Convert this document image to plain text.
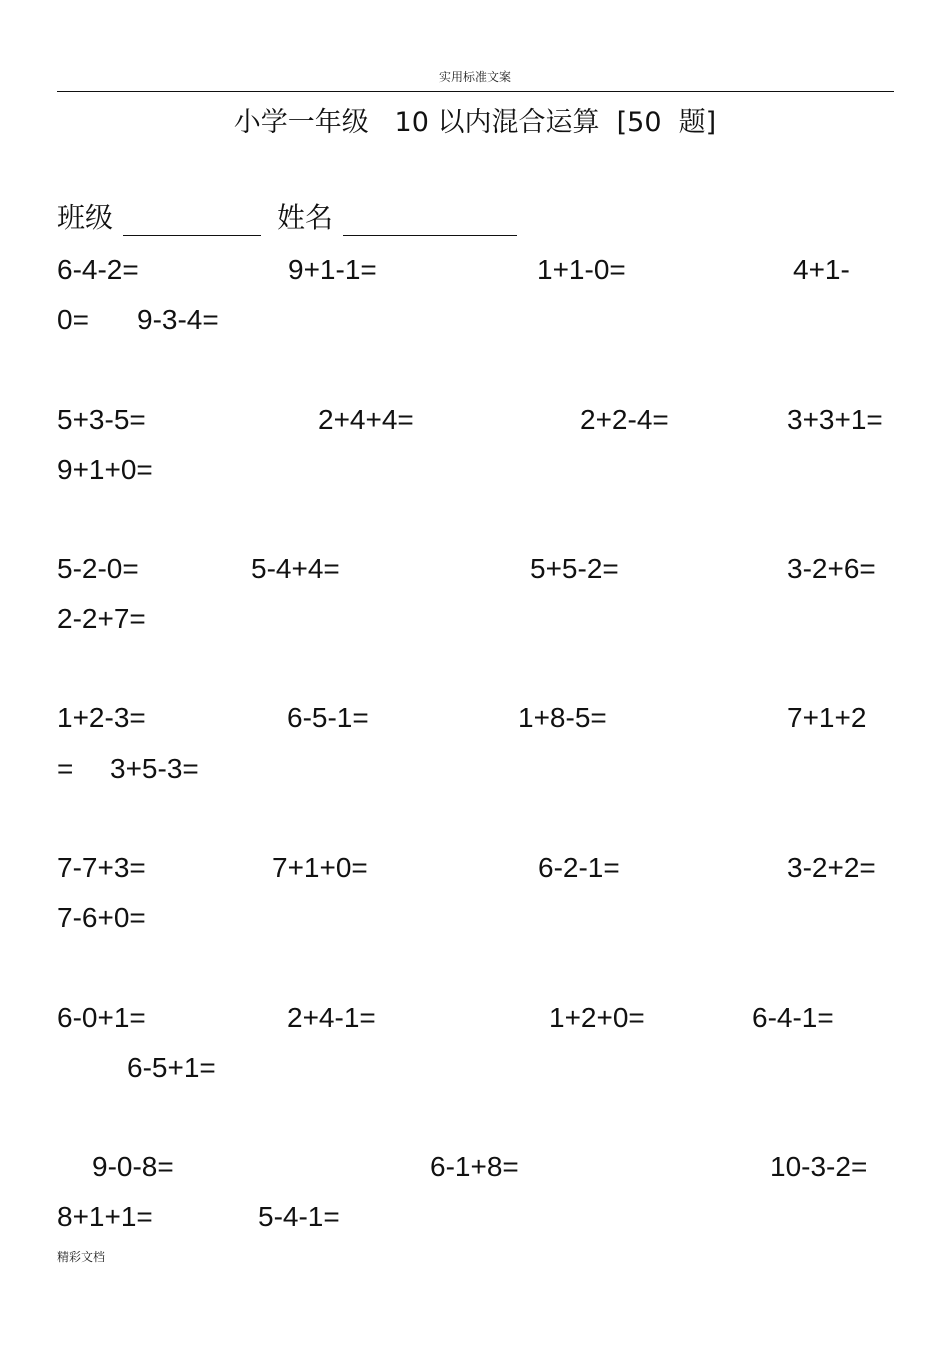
实用标准文案
小学一年级   10 以内混合运算  [50  题]
班级	姓名
6-4-2=	9+1-1=	1+1-0=	4+1-
0= 9-3-4=
5+3-5=	2+4+4=	2+2-4=	3+3+1=
9+1+0=
5-2-0=	5-4+4=	5+5-2=	3-2+6=
2-2+7=
1+2-3=	6-5-1=	1+8-5=	7+1+2
= 3+5-3=
7-7+3=	7+1+0=	6-2-1=	3-2+2=
7-6+0=
6-0+1=	2+4-1=	1+2+0=	6-4-1=
6-5+1=
9-0-8=	6-1+8=	10-3-2=
8+1+1=	5-4-1=
精彩文档
